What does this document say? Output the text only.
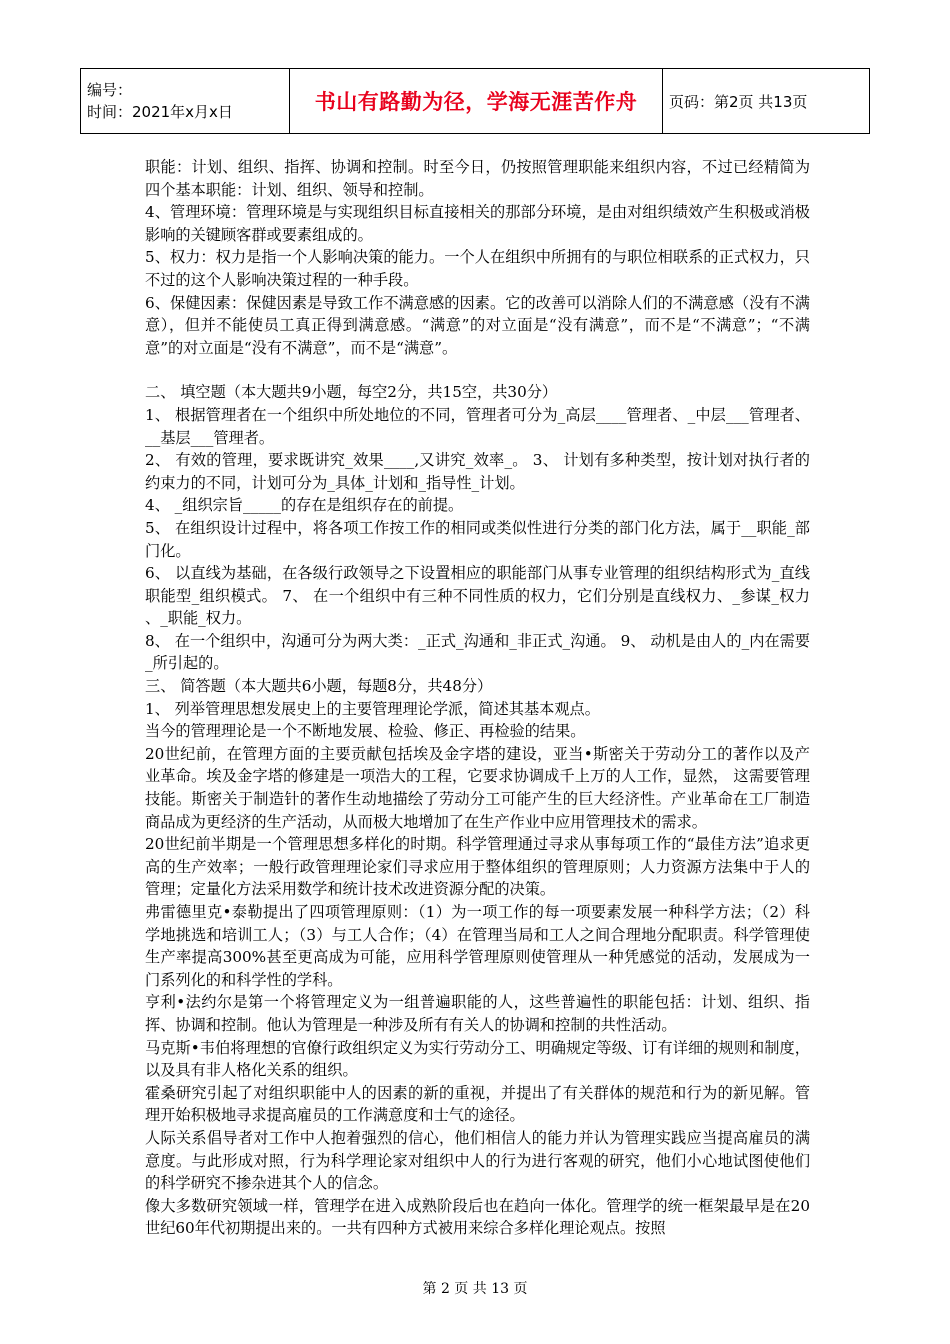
编号：
时间：2021年x月x日	书山有路勤为径，学海无涯苦作舟	页码：第2页 共13页

职能：计划、组织、指挥、协调和控制。时至今日，仍按照管理职能来组织内容，不过已经精简为四个基本职能：计划、组织、领导和控制。

4、管理环境：管理环境是与实现组织目标直接相关的那部分环境，是由对组织绩效产生积极或消极影响的关键顾客群或要素组成的。

5、权力：权力是指一个人影响决策的能力。一个人在组织中所拥有的与职位相联系的正式权力，只不过的这个人影响决策过程的一种手段。

6、保健因素：保健因素是导致工作不满意感的因素。它的改善可以消除人们的不满意感（没有不满意），但并不能使员工真正得到满意感。“满意”的对立面是“没有满意”，而不是“不满意”；“不满意”的对立面是“没有不满意”，而不是“满意”。

二、 填空题（本大题共9小题，每空2分，共15空，共30分）

1、 根据管理者在一个组织中所处地位的不同，管理者可分为_高层____管理者、_中层___管理者、__基层___管理者。

2、 有效的管理，要求既讲究_效果____,又讲究_效率_。 3、 计划有多种类型，按计划对执行者的约束力的不同，计划可分为_具体_计划和_指导性_计划。

4、 _组织宗旨_____的存在是组织存在的前提。

5、 在组织设计过程中，将各项工作按工作的相同或类似性进行分类的部门化方法，属于__职能_部门化。

6、 以直线为基础，在各级行政领导之下设置相应的职能部门从事专业管理的组织结构形式为_直线职能型_组织模式。 7、 在一个组织中有三种不同性质的权力，它们分别是直线权力、_参谋_权力 、_职能_权力。

8、 在一个组织中，沟通可分为两大类：_正式_沟通和_非正式_沟通。 9、 动机是由人的_内在需要_所引起的。

三、 简答题（本大题共6小题，每题8分，共48分）

1、 列举管理思想发展史上的主要管理理论学派，简述其基本观点。

当今的管理理论是一个不断地发展、检验、修正、再检验的结果。

20世纪前，在管理方面的主要贡献包括埃及金字塔的建设，亚当•斯密关于劳动分工的著作以及产业革命。埃及金字塔的修建是一项浩大的工程，它要求协调成千上万的人工作，显然， 这需要管理技能。斯密关于制造针的著作生动地描绘了劳动分工可能产生的巨大经济性。产业革命在工厂制造商品成为更经济的生产活动，从而极大地增加了在生产作业中应用管理技术的需求。

20世纪前半期是一个管理思想多样化的时期。科学管理通过寻求从事每项工作的“最佳方法”追求更高的生产效率；一般行政管理理论家们寻求应用于整体组织的管理原则；人力资源方法集中于人的管理；定量化方法采用数学和统计技术改进资源分配的决策。

弗雷德里克•泰勒提出了四项管理原则：（1）为一项工作的每一项要素发展一种科学方法；（2）科学地挑选和培训工人；（3）与工人合作；（4）在管理当局和工人之间合理地分配职责。科学管理使生产率提高300%甚至更高成为可能，应用科学管理原则使管理从一种凭感觉的活动，发展成为一门系列化的和科学性的学科。

亨利•法约尔是第一个将管理定义为一组普遍职能的人，这些普遍性的职能包括：计划、组织、指挥、协调和控制。他认为管理是一种涉及所有有关人的协调和控制的共性活动。

马克斯•韦伯将理想的官僚行政组织定义为实行劳动分工、明确规定等级、订有详细的规则和制度，以及具有非人格化关系的组织。

霍桑研究引起了对组织职能中人的因素的新的重视，并提出了有关群体的规范和行为的新见解。管理开始积极地寻求提高雇员的工作满意度和士气的途径。

人际关系倡导者对工作中人抱着强烈的信心，他们相信人的能力并认为管理实践应当提高雇员的满意度。与此形成对照，行为科学理论家对组织中人的行为进行客观的研究，他们小心地试图使他们的科学研究不掺杂进其个人的信念。

像大多数研究领域一样，管理学在进入成熟阶段后也在趋向一体化。管理学的统一框架最早是在20世纪60年代初期提出来的。一共有四种方式被用来综合多样化理论观点。按照

第 2 页 共 13 页
